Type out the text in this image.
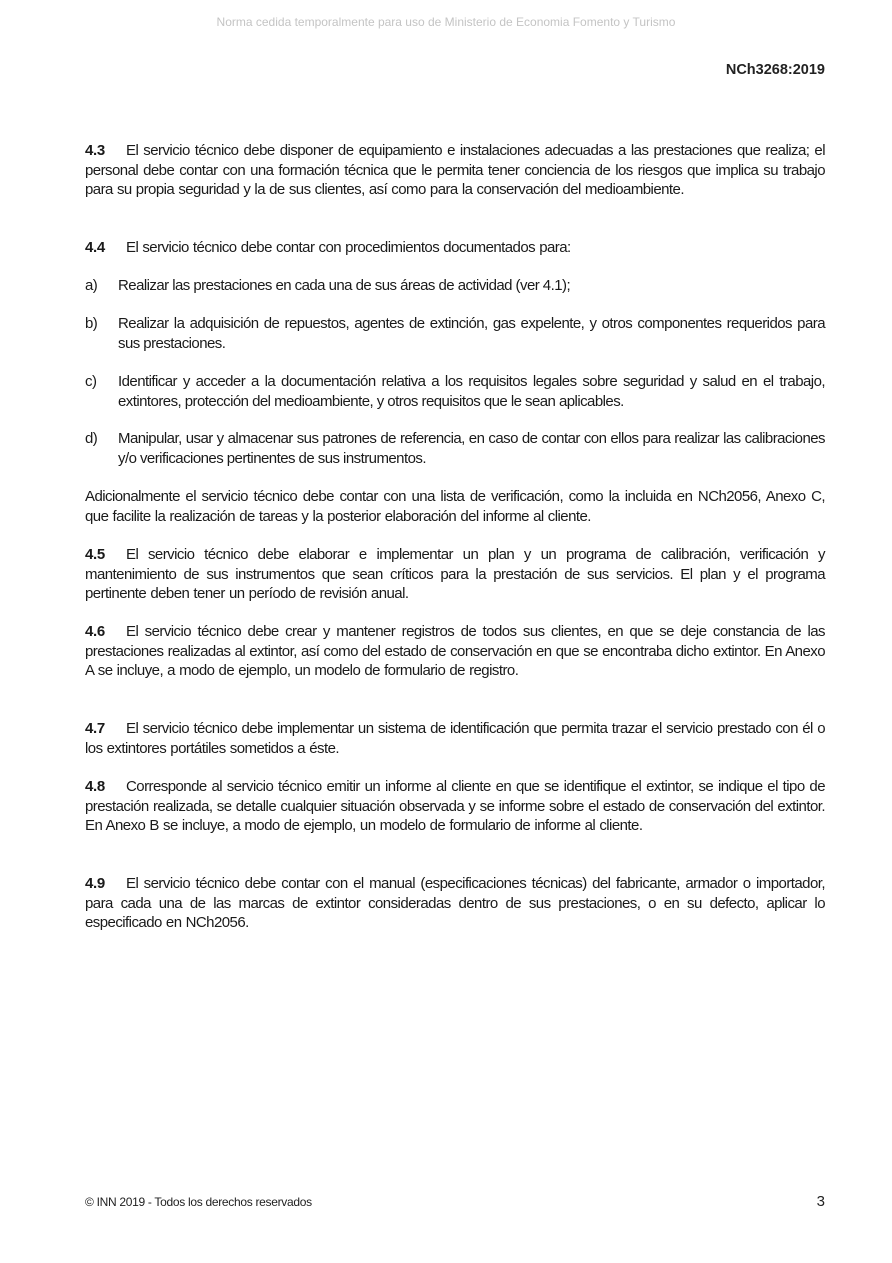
Norma cedida temporalmente para uso de Ministerio de Economia Fomento y Turismo
NCh3268:2019
4.3 El servicio técnico debe disponer de equipamiento e instalaciones adecuadas a las prestaciones que realiza; el personal debe contar con una formación técnica que le permita tener conciencia de los riesgos que implica su trabajo para su propia seguridad y la de sus clientes, así como para la conservación del medioambiente.
4.4 El servicio técnico debe contar con procedimientos documentados para:
a) Realizar las prestaciones en cada una de sus áreas de actividad (ver 4.1);
b) Realizar la adquisición de repuestos, agentes de extinción, gas expelente, y otros componentes requeridos para sus prestaciones.
c) Identificar y acceder a la documentación relativa a los requisitos legales sobre seguridad y salud en el trabajo, extintores, protección del medioambiente, y otros requisitos que le sean aplicables.
d) Manipular, usar y almacenar sus patrones de referencia, en caso de contar con ellos para realizar las calibraciones y/o verificaciones pertinentes de sus instrumentos.
Adicionalmente el servicio técnico debe contar con una lista de verificación, como la incluida en NCh2056, Anexo C, que facilite la realización de tareas y la posterior elaboración del informe al cliente.
4.5 El servicio técnico debe elaborar e implementar un plan y un programa de calibración, verificación y mantenimiento de sus instrumentos que sean críticos para la prestación de sus servicios. El plan y el programa pertinente deben tener un período de revisión anual.
4.6 El servicio técnico debe crear y mantener registros de todos sus clientes, en que se deje constancia de las prestaciones realizadas al extintor, así como del estado de conservación en que se encontraba dicho extintor. En Anexo A se incluye, a modo de ejemplo, un modelo de formulario de registro.
4.7 El servicio técnico debe implementar un sistema de identificación que permita trazar el servicio prestado con él o los extintores portátiles sometidos a éste.
4.8 Corresponde al servicio técnico emitir un informe al cliente en que se identifique el extintor, se indique el tipo de prestación realizada, se detalle cualquier situación observada y se informe sobre el estado de conservación del extintor. En Anexo B se incluye, a modo de ejemplo, un modelo de formulario de informe al cliente.
4.9 El servicio técnico debe contar con el manual (especificaciones técnicas) del fabricante, armador o importador, para cada una de las marcas de extintor consideradas dentro de sus prestaciones, o en su defecto, aplicar lo especificado en NCh2056.
© INN 2019 - Todos los derechos reservados	3
